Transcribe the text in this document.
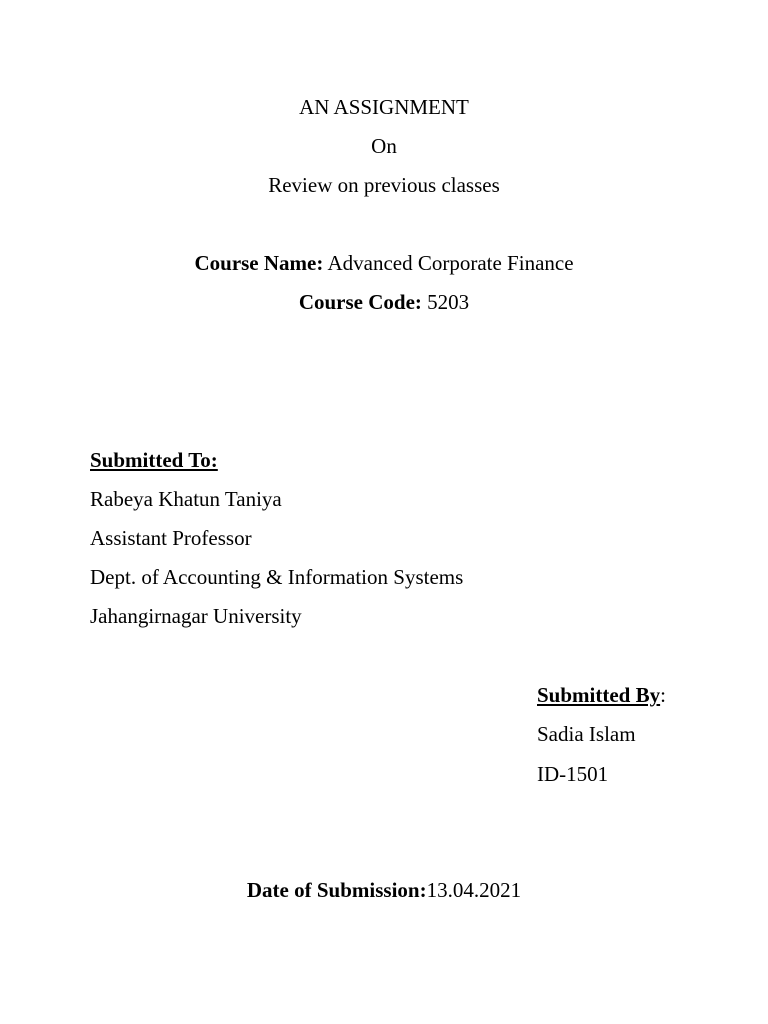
AN ASSIGNMENT
On
Review on previous classes
Course Name: Advanced Corporate Finance
Course Code: 5203
Submitted To:
Rabeya Khatun Taniya
Assistant Professor
Dept. of Accounting & Information Systems
Jahangirnagar University
Submitted By:
Sadia Islam
ID-1501
Date of Submission:13.04.2021
